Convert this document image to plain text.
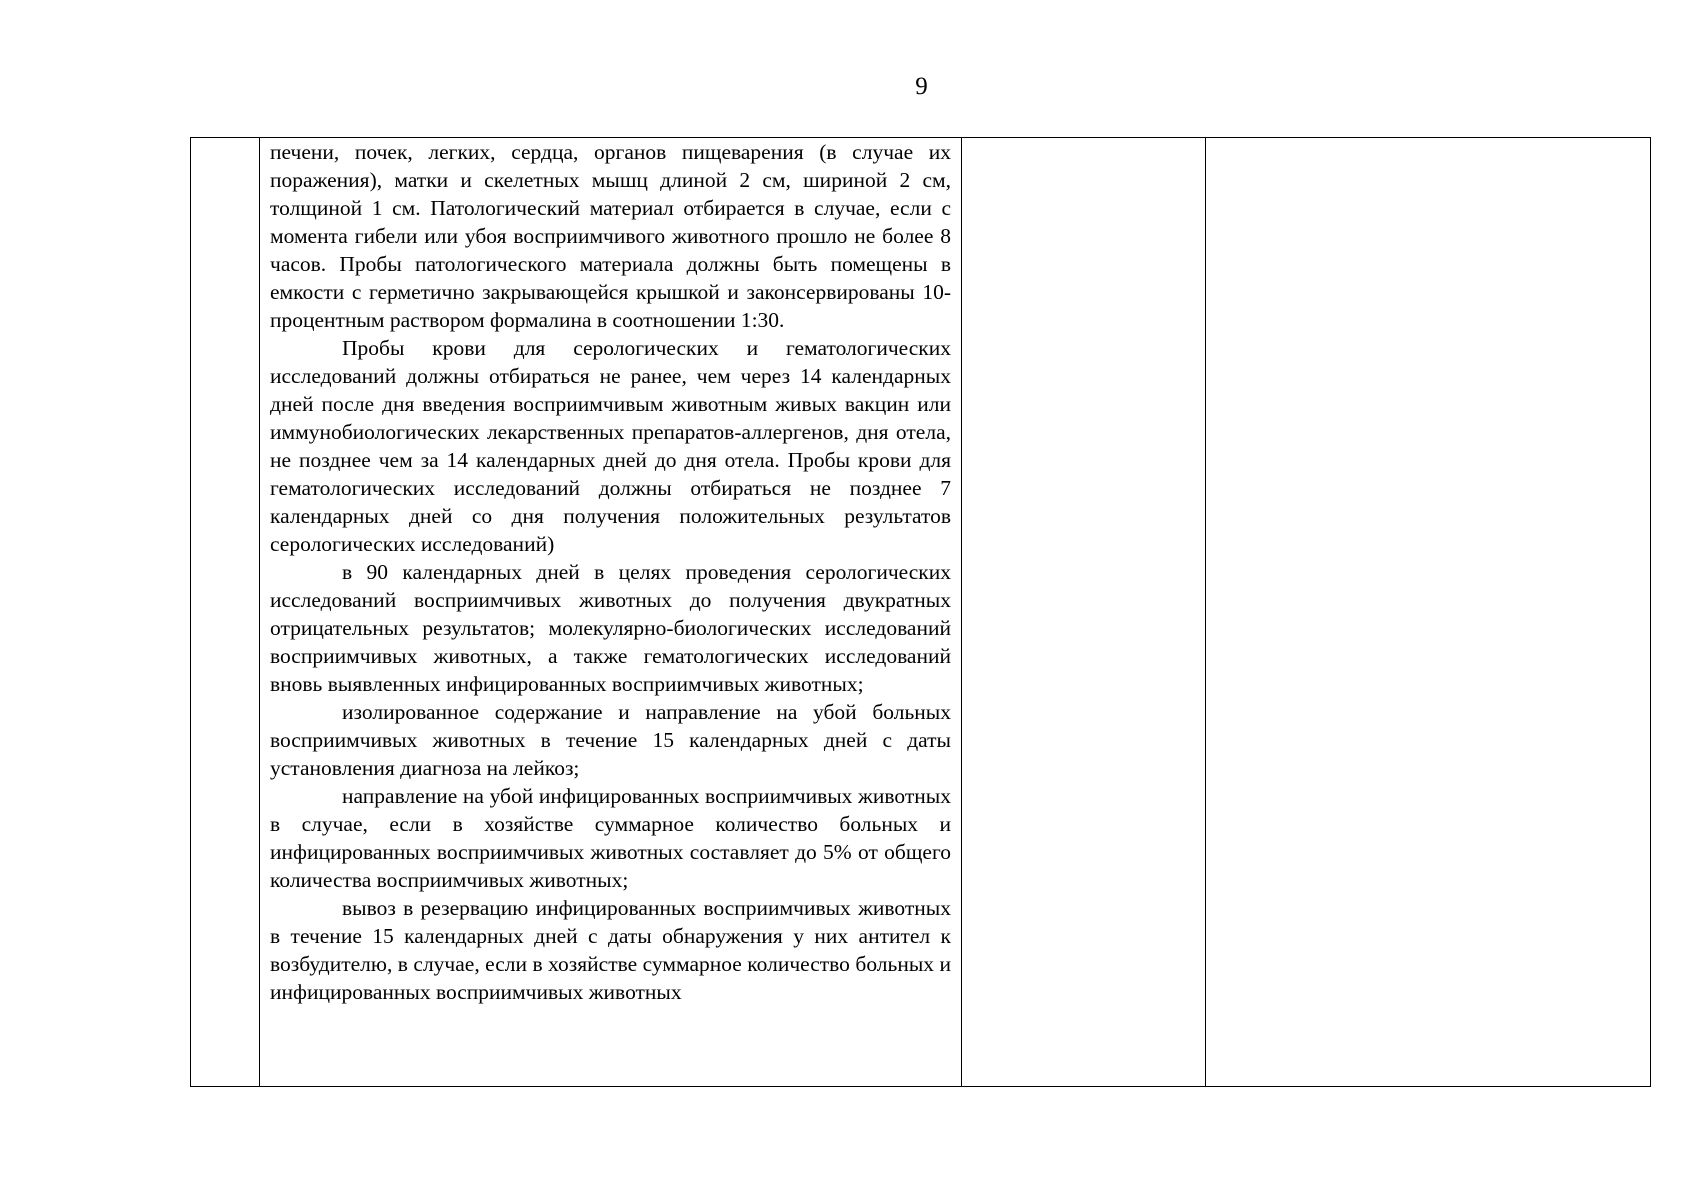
9

печени, почек, легких, сердца, органов пищеварения (в случае их поражения), матки и скелетных мышц длиной 2 см, шириной 2 см, толщиной 1 см. Патологический материал отбирается в случае, если с момента гибели или убоя восприимчивого животного прошло не более 8 часов. Пробы патологического материала должны быть помещены в емкости с герметично закрывающейся крышкой и законсервированы 10-процентным раствором формалина в соотношении 1:30.

Пробы крови для серологических и гематологических исследований должны отбираться не ранее, чем через 14 календарных дней после дня введения восприимчивым животным живых вакцин или иммунобиологических лекарственных препаратов-аллергенов, дня отела, не позднее чем за 14 календарных дней до дня отела. Пробы крови для гематологических исследований должны отбираться не позднее 7 календарных дней со дня получения положительных результатов серологических исследований)

в 90 календарных дней в целях проведения серологических исследований восприимчивых животных до получения двукратных отрицательных результатов; молекулярно-биологических исследований восприимчивых животных, а также гематологических исследований вновь выявленных инфицированных восприимчивых животных;

изолированное содержание и направление на убой больных восприимчивых животных в течение 15 календарных дней с даты установления диагноза на лейкоз;

направление на убой инфицированных восприимчивых животных в случае, если в хозяйстве суммарное количество больных и инфицированных восприимчивых животных составляет до 5% от общего количества восприимчивых животных;

вывоз в резервацию инфицированных восприимчивых животных в течение 15 календарных дней с даты обнаружения у них антител к возбудителю, в случае, если в хозяйстве суммарное количество больных и инфицированных восприимчивых животных
